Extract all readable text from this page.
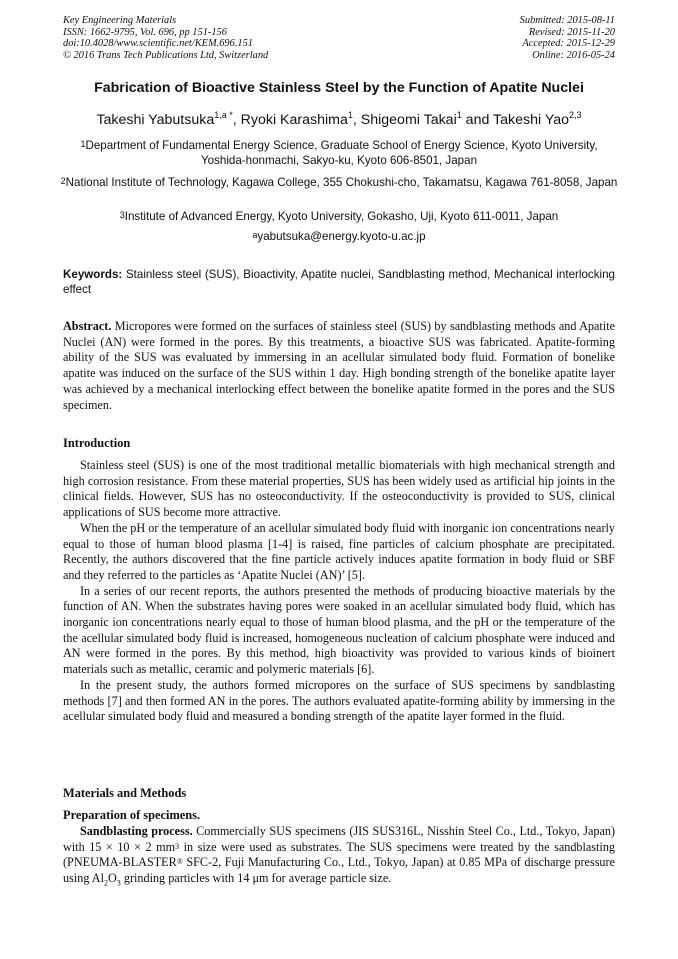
Key Engineering Materials
ISSN: 1662-9795, Vol. 696, pp 151-156
doi:10.4028/www.scientific.net/KEM.696.151
© 2016 Trans Tech Publications Ltd, Switzerland
Submitted: 2015-08-11
Revised: 2015-11-20
Accepted: 2015-12-29
Online: 2016-05-24
Fabrication of Bioactive Stainless Steel by the Function of Apatite Nuclei
Takeshi Yabutsuka$^{1,a *}$, Ryoki Karashima$^1$, Shigeomi Takai$^1$ and Takeshi Yao$^{2,3}$
$^1$Department of Fundamental Energy Science, Graduate School of Energy Science, Kyoto University, Yoshida-honmachi, Sakyo-ku, Kyoto 606-8501, Japan
$^2$National Institute of Technology, Kagawa College, 355 Chokushi-cho, Takamatsu, Kagawa 761-8058, Japan
$^3$Institute of Advanced Energy, Kyoto University, Gokasho, Uji, Kyoto 611-0011, Japan
$^a$yabutsuka@energy.kyoto-u.ac.jp
Keywords: Stainless steel (SUS), Bioactivity, Apatite nuclei, Sandblasting method, Mechanical interlocking effect

Abstract. Micropores were formed on the surfaces of stainless steel (SUS) by sandblasting methods and Apatite Nuclei (AN) were formed in the pores. By this treatments, a bioactive SUS was fabricated. Apatite-forming ability of the SUS was evaluated by immersing in an acellular simulated body fluid. Formation of bonelike apatite was induced on the surface of the SUS within 1 day. High bonding strength of the bonelike apatite layer was achieved by a mechanical interlocking effect between the bonelike apatite formed in the pores and the SUS specimen.

Introduction

Stainless steel (SUS) is one of the most traditional metallic biomaterials with high mechanical strength and high corrosion resistance. From these material properties, SUS has been widely used as artificial hip joints in the clinical fields. However, SUS has no osteoconductivity. If the osteoconductivity is provided to SUS, clinical applications of SUS become more attractive.

When the pH or the temperature of an acellular simulated body fluid with inorganic ion concentrations nearly equal to those of human blood plasma [1-4] is raised, fine particles of calcium phosphate are precipitated. Recently, the authors discovered that the fine particle actively induces apatite formation in body fluid or SBF and they referred to the particles as ‘Apatite Nuclei (AN)’ [5].

In a series of our recent reports, the authors presented the methods of producing bioactive materials by the function of AN. When the substrates having pores were soaked in an acellular simulated body fluid, which has inorganic ion concentrations nearly equal to those of human blood plasma, and the pH or the temperature of the the acellular simulated body fluid is increased, homogeneous nucleation of calcium phosphate were induced and AN were formed in the pores. By this method, high bioactivity was provided to various kinds of bioinert materials such as metallic, ceramic and polymeric materials [6].

In the present study, the authors formed micropores on the surface of SUS specimens by sandblasting methods [7] and then formed AN in the pores. The authors evaluated apatite-forming ability by immersing in the acellular simulated body fluid and measured a bonding strength of the apatite layer formed in the fluid.

Materials and Methods
Preparation of specimens.

Sandblasting process. Commercially SUS specimens (JIS SUS316L, Nisshin Steel Co., Ltd., Tokyo, Japan) with 15 × 10 × 2 $mm^3$ in size were used as substrates. The SUS specimens were treated by the sandblasting (PNEUMA-BLASTER® SFC-2, Fuji Manufacturing Co., Ltd., Tokyo, Japan) at 0.85 MPa of discharge pressure using $Al_2O_3$ grinding particles with 14 μm for average particle size.
